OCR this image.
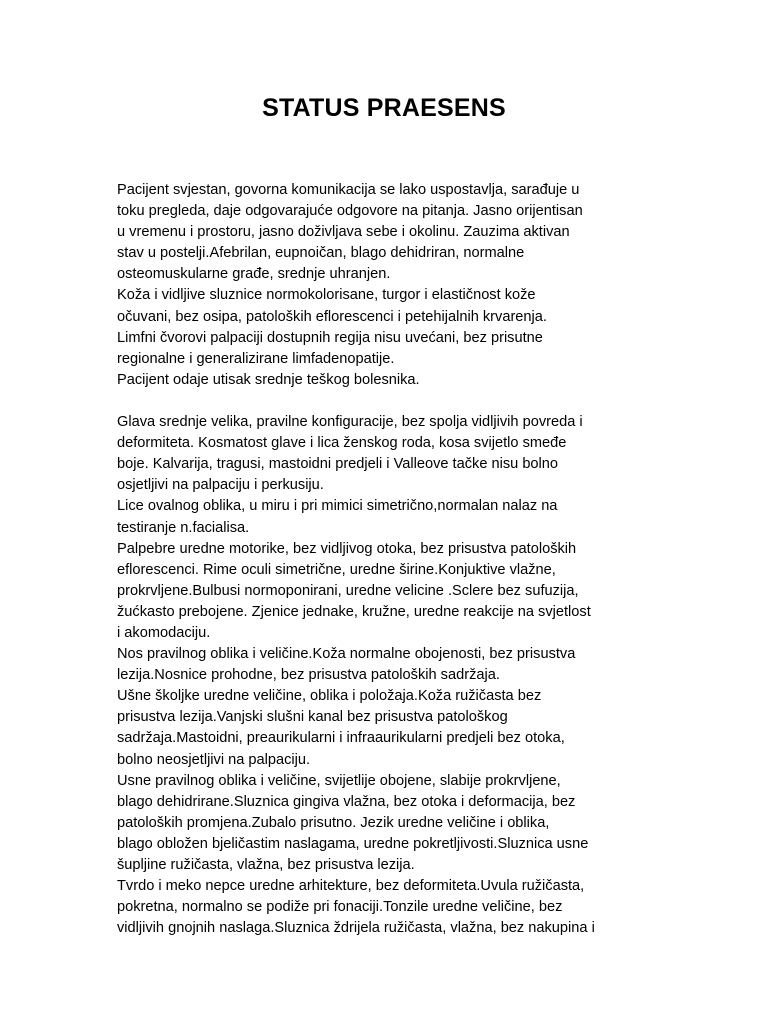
STATUS PRAESENS
Pacijent svjestan, govorna komunikacija se lako uspostavlja, sarađuje u
toku pregleda, daje odgovarajuće odgovore na pitanja. Jasno orijentisan
u vremenu i prostoru, jasno doživljava sebe i okolinu. Zauzima aktivan
stav u postelji.Afebrilan, eupnoičan, blago dehidriran, normalne
osteomuskularne građe, srednje uhranjen.
Koža i vidljive sluznice normokolorisane, turgor i elastičnost kože
očuvani, bez osipa, patoloških eflorescenci i petehijalnih krvarenja.
Limfni čvorovi palpaciji dostupnih regija nisu uvećani, bez prisutne
regionalne i generalizirane limfadenopatije.
Pacijent odaje utisak srednje teškog bolesnika.
Glava srednje velika, pravilne konfiguracije, bez spolja vidljivih povreda i
deformiteta. Kosmatost glave i lica ženskog roda, kosa svijetlo smeđe
boje. Kalvarija, tragusi, mastoidni predjeli i Valleove tačke nisu bolno
osjetljivi na palpaciju i perkusiju.
Lice ovalnog oblika, u miru i pri mimici simetrično,normalan nalaz na
testiranje n.facialisa.
Palpebre uredne motorike, bez vidljivog otoka, bez prisustva patoloških
eflorescenci. Rime oculi simetrične, uredne širine.Konjuktive vlažne,
prokrvljene.Bulbusi normoponirani, uredne velicine .Sclere bez sufuzija,
žućkasto prebojene. Zjenice jednake, kružne, uredne reakcije na svjetlost
i akomodaciju.
Nos pravilnog oblika i veličine.Koža normalne obojenosti, bez prisustva
lezija.Nosnice prohodne, bez prisustva patoloških sadržaja.
Ušne školjke uredne veličine, oblika i položaja.Koža ružičasta bez
prisustva lezija.Vanjski slušni kanal bez prisustva patološkog
sadržaja.Mastoidni, preaurikularni i infraaurikularni predjeli bez otoka,
bolno neosjetljivi na palpaciju.
Usne pravilnog oblika i veličine, svijetlije obojene, slabije prokrvljene,
blago dehidrirane.Sluznica gingiva vlažna, bez otoka i deformacija, bez
patoloških promjena.Zubalo prisutno. Jezik uredne veličine i oblika,
blago obložen bjeličastim naslagama, uredne pokretljivosti.Sluznica usne
šupljine ružičasta, vlažna, bez prisustva lezija.
Tvrdo i meko nepce uredne arhitekture, bez deformiteta.Uvula ružičasta,
pokretna, normalno se podiže pri fonaciji.Tonzile uredne veličine, bez
vidljivih gnojnih naslaga.Sluznica ždrijela ružičasta, vlažna, bez nakupina i
